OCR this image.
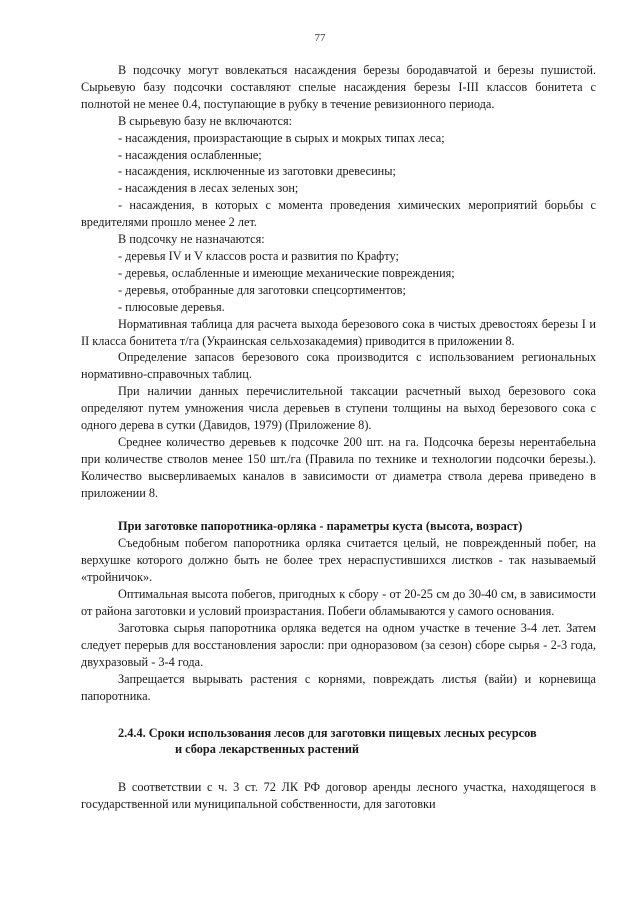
77

В подсочку могут вовлекаться насаждения березы бородавчатой и березы пушистой. Сырьевую базу подсочки составляют спелые насаждения березы I-III классов бонитета с полнотой не менее 0.4, поступающие в рубку в течение ревизионного периода.

В сырьевую базу не включаются:

- насаждения, произрастающие в сырых и мокрых типах леса;

- насаждения ослабленные;

- насаждения, исключенные из заготовки древесины;

- насаждения в лесах зеленых зон;

- насаждения, в которых с момента проведения химических мероприятий борьбы с вредителями прошло менее 2 лет.

В подсочку не назначаются:

- деревья IV и V классов роста и развития по Крафту;

- деревья, ослабленные и имеющие механические повреждения;

- деревья, отобранные для заготовки спецсортиментов;

- плюсовые деревья.

Нормативная таблица для расчета выхода березового сока в чистых древостоях березы I и II класса бонитета т/га (Украинская сельхозакадемия) приводится в приложении 8.

Определение запасов березового сока производится с использованием региональных нормативно-справочных таблиц.

При наличии данных перечислительной таксации расчетный выход березового сока определяют путем умножения числа деревьев в ступени толщины на выход березового сока с одного дерева в сутки (Давидов, 1979) (Приложение 8).

Среднее количество деревьев к подсочке 200 шт. на га. Подсочка березы нерентабельна при количестве стволов менее 150 шт./га (Правила по технике и технологии подсочки березы.). Количество высверливаемых каналов в зависимости от диаметра ствола дерева приведено в приложении 8.

При заготовке папоротника-орляка - параметры куста (высота, возраст)

Съедобным побегом папоротника орляка считается целый, не поврежденный побег, на верхушке которого должно быть не более трех нераспустившихся листков - так называемый «тройничок».

Оптимальная высота побегов, пригодных к сбору - от 20-25 см до 30-40 см, в зависимости от района заготовки и условий произрастания. Побеги обламываются у самого основания.

Заготовка сырья папоротника орляка ведется на одном участке в течение 3-4 лет. Затем следует перерыв для восстановления заросли: при одноразовом (за сезон) сборе сырья - 2-3 года, двухразовый - 3-4 года.

Запрещается вырывать растения с корнями, повреждать листья (вайи) и корневища папоротника.

2.4.4. Сроки использования лесов для заготовки пищевых лесных ресурсов
и сбора лекарственных растений

В соответствии с ч. 3 ст. 72 ЛК РФ договор аренды лесного участка, находящегося в государственной или муниципальной собственности, для заготовки
